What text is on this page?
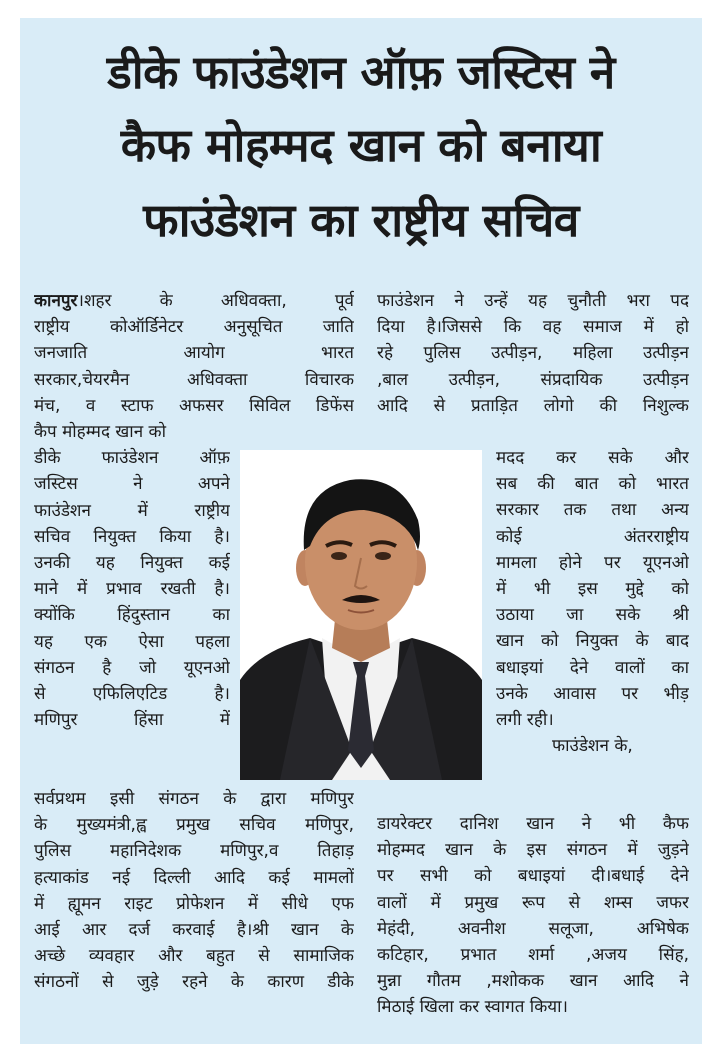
डीके फाउंडेशन ऑफ़ जस्टिस ने
कैफ मोहम्मद खान को बनाया
फाउंडेशन का राष्ट्रीय सचिव
कानपुर।शहर के अधिवक्ता, पूर्व
राष्ट्रीय कोऑर्डिनेटर अनुसूचित जाति
जनजाति आयोग भारत
सरकार,चेयरमैन अधिवक्ता विचारक
मंच, व स्टाफ अफसर सिविल डिफेंस
कैप मोहम्मद खान को
डीके फाउंडेशन ऑफ़
जस्टिस ने अपने
फाउंडेशन में राष्ट्रीय
सचिव नियुक्त किया है।
उनकी यह नियुक्त कई
माने में प्रभाव रखती है।
क्योंकि हिंदुस्तान का
यह एक ऐसा पहला
संगठन है जो यूएनओ
से एफिलिएटिड है।
मणिपुर हिंसा में
सर्वप्रथम इसी संगठन के द्वारा मणिपुर
के मुख्यमंत्री,ह्व प्रमुख सचिव मणिपुर,
पुलिस महानिदेशक मणिपुर,व तिहाड़
हत्याकांड नई दिल्ली आदि कई मामलों
में ह्यूमन राइट प्रोफेशन में सीधे एफ
आई आर दर्ज करवाई है।श्री खान के
अच्छे व्यवहार और बहुत से सामाजिक
संगठनों से जुड़े रहने के कारण डीके
फाउंडेशन ने उन्हें यह चुनौती भरा पद
दिया है।जिससे कि वह समाज में हो
रहे पुलिस उत्पीड़न, महिला उत्पीड़न
,बाल उत्पीड़न, संप्रदायिक उत्पीड़न
आदि से प्रताड़ित लोगो की निशुल्क
मदद कर सके और
सब की बात को भारत
सरकार तक तथा अन्य
कोई अंतरराष्ट्रीय
मामला होने पर यूएनओ
में भी इस मुद्दे को
उठाया जा सके श्री
खान को नियुक्त के बाद
बधाइयां देने वालों का
उनके आवास पर भीड़
लगी रही।
फाउंडेशन के,
डायरेक्टर दानिश खान ने भी कैफ
मोहम्मद खान के इस संगठन में जुड़ने
पर सभी को बधाइयां दी।बधाई देने
वालों में प्रमुख रूप से शम्स जफर
मेहंदी, अवनीश सलूजा, अभिषेक
कटिहार, प्रभात शर्मा ,अजय सिंह,
मुन्ना गौतम ,मशोकक खान आदि ने
मिठाई खिला कर स्वागत किया।
